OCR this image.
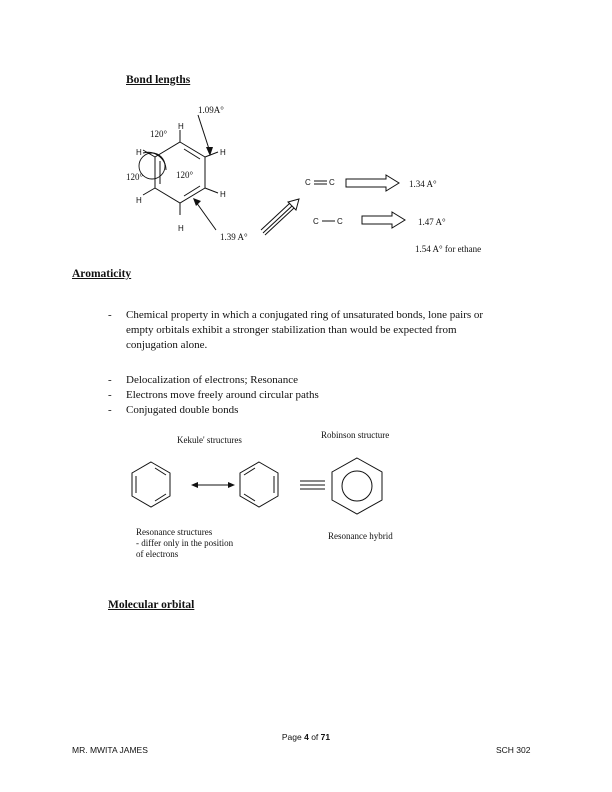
Bond lengths
H
H
H
H
H
H
1.09A°
120°
120°	120°
1.39 A°
C C	1.34 A°
C C	1.47 A°
1.54 A° for ethane
Aromaticity
-	Chemical property in which a conjugated ring of unsaturated bonds, lone pairs or empty orbitals exhibit a stronger stabilization than would be expected from conjugation alone.
-	Delocalization of electrons; Resonance
-	Electrons move freely around circular paths
-	Conjugated double bonds
Kekule' structures	Robinson structure
Resonance structures
- differ only in the position
of electrons
Resonance hybrid
Molecular orbital
Page 4 of 71
MR. MWITA JAMES	SCH 302
